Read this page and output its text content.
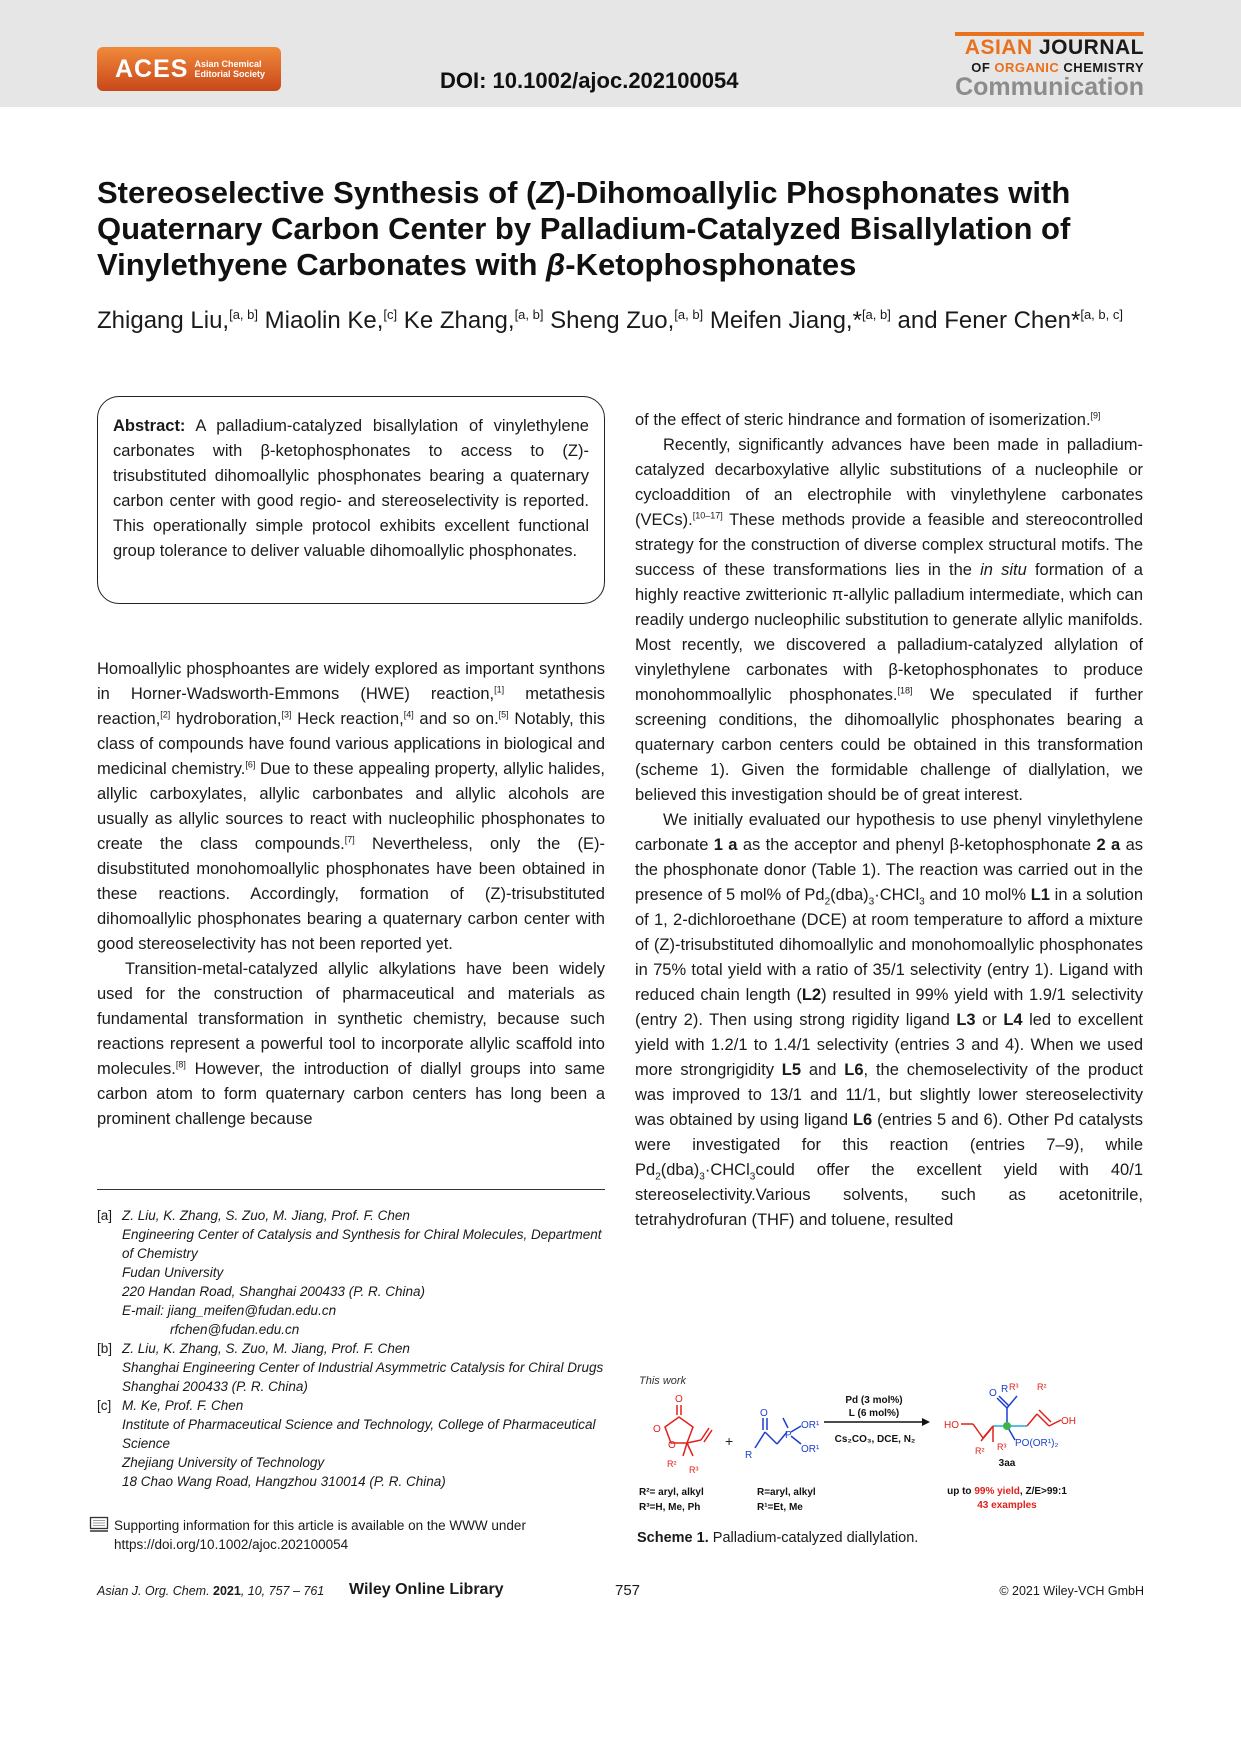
ACES Asian Chemical
Editorial Society	DOI: 10.1002/ajoc.202100054
ASIAN JOURNAL
OF ORGANIC CHEMISTRY
Communication
Stereoselective Synthesis of (Z)-Dihomoallylic Phosphonates with Quaternary Carbon Center by Palladium-Catalyzed Bisallylation of Vinylethyene Carbonates with β-Ketophosphonates
Zhigang Liu,[a, b] Miaolin Ke,[c] Ke Zhang,[a, b] Sheng Zuo,[a, b] Meifen Jiang,*[a, b] and Fener Chen*[a, b, c]
Abstract: A palladium-catalyzed bisallylation of vinylethylene carbonates with β-ketophosphonates to access to (Z)-trisubstituted dihomoallylic phosphonates bearing a quaternary carbon center with good regio- and stereoselectivity is reported. This operationally simple protocol exhibits excellent functional group tolerance to deliver valuable dihomoallylic phosphonates.

Homoallylic phosphoantes are widely explored as important synthons in Horner-Wadsworth-Emmons (HWE) reaction,[1] metathesis reaction,[2] hydroboration,[3] Heck reaction,[4] and so on.[5] Notably, this class of compounds have found various applications in biological and medicinal chemistry.[6] Due to these appealing property, allylic halides, allylic carboxylates, allylic carbonbates and allylic alcohols are usually as allylic sources to react with nucleophilic phosphonates to create the class compounds.[7] Nevertheless, only the (E)-disubstituted monohomoallylic phosphonates have been obtained in these reactions. Accordingly, formation of (Z)-trisubstituted dihomoallylic phosphonates bearing a quaternary carbon center with good stereoselectivity has not been reported yet.

Transition-metal-catalyzed allylic alkylations have been widely used for the construction of pharmaceutical and materials as fundamental transformation in synthetic chemistry, because such reactions represent a powerful tool to incorporate allylic scaffold into molecules.[8] However, the introduction of diallyl groups into same carbon atom to form quaternary carbon centers has long been a prominent challenge because

[a] Z. Liu, K. Zhang, S. Zuo, M. Jiang, Prof. F. Chen
Engineering Center of Catalysis and Synthesis for Chiral Molecules, Department of Chemistry
Fudan University
220 Handan Road, Shanghai 200433 (P. R. China)
E-mail: jiang_meifen@fudan.edu.cn
rfchen@fudan.edu.cn
[b] Z. Liu, K. Zhang, S. Zuo, M. Jiang, Prof. F. Chen
Shanghai Engineering Center of Industrial Asymmetric Catalysis for Chiral Drugs
Shanghai 200433 (P. R. China)
[c] M. Ke, Prof. F. Chen
Institute of Pharmaceutical Science and Technology, College of Pharmaceutical Science
Zhejiang University of Technology
18 Chao Wang Road, Hangzhou 310014 (P. R. China)
Supporting information for this article is available on the WWW under https://doi.org/10.1002/ajoc.202100054

of the effect of steric hindrance and formation of isomerization.[9]

Recently, significantly advances have been made in palladium-catalyzed decarboxylative allylic substitutions of a nucleophile or cycloaddition of an electrophile with vinylethylene carbonates (VECs).[10–17] These methods provide a feasible and stereocontrolled strategy for the construction of diverse complex structural motifs. The success of these transformations lies in the in situ formation of a highly reactive zwitterionic π-allylic palladium intermediate, which can readily undergo nucleophilic substitution to generate allylic manifolds. Most recently, we discovered a palladium-catalyzed allylation of vinylethylene carbonates with β-ketophosphonates to produce monohommoallylic phosphonates.[18] We speculated if further screening conditions, the dihomoallylic phosphonates bearing a quaternary carbon centers could be obtained in this transformation (scheme 1). Given the formidable challenge of diallylation, we believed this investigation should be of great interest.

We initially evaluated our hypothesis to use phenyl vinylethylene carbonate 1 a as the acceptor and phenyl β-ketophosphonate 2 a as the phosphonate donor (Table 1). The reaction was carried out in the presence of 5 mol% of $Pd_2(dba)_3\cdot CHCl_3$ and 10 mol% L1 in a solution of 1, 2-dichloroethane (DCE) at room temperature to afford a mixture of (Z)-trisubstituted dihomoallylic and monohomoallylic phosphonates in 75% total yield with a ratio of 35/1 selectivity (entry 1). Ligand with reduced chain length (L2) resulted in 99% yield with 1.9/1 selectivity (entry 2). Then using strong rigidity ligand L3 or L4 led to excellent yield with 1.2/1 to 1.4/1 selectivity (entries 3 and 4). When we used more strongrigidity L5 and L6, the chemoselectivity of the product was improved to 13/1 and 11/1, but slightly lower stereoselectivity was obtained by using ligand L6 (entries 5 and 6). Other Pd catalysts were investigated for this reaction (entries 7–9), while $Pd_2(dba)_3\cdot CHCl_3could$ offer the excellent yield with 40/1 stereoselectivity.Various solvents, such as acetonitrile, tetrahydrofuran (THF) and toluene, resulted

This work
O
O
O
R²
R³
+
O
R
P
OR¹
OR¹
Pd (3 mol%)
L (6 mol%)
Cs₂CO₃, DCE, N₂
HO
O R R³ R²
OH
R² R³ PO(OR¹)₂
3aa
R²= aryl, alkyl
R³=H, Me, Ph
R=aryl, alkyl
R¹=Et, Me
up to 99% yield, Z/E>99:1
43 examples
Scheme 1. Palladium-catalyzed diallylation.
Asian J. Org. Chem. 2021, 10, 757 – 761 Wiley Online Library	757	© 2021 Wiley-VCH GmbH
